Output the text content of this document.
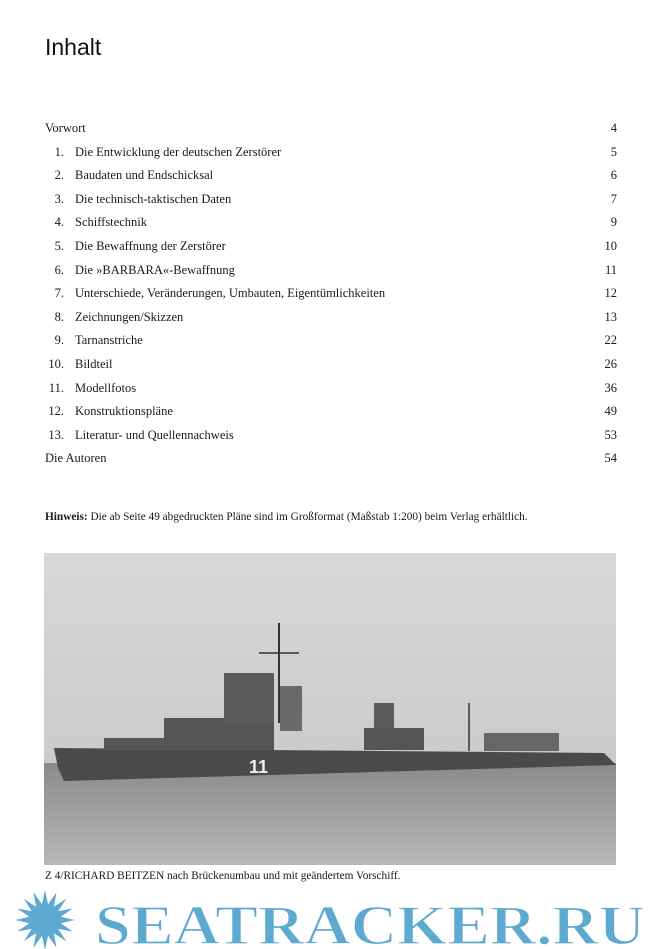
Inhalt
Vorwort	4
1. Die Entwicklung der deutschen Zerstörer	5
2. Baudaten und Endschicksal	6
3. Die technisch-taktischen Daten	7
4. Schiffstechnik	9
5. Die Bewaffnung der Zerstörer	10
6. Die »BARBARA«-Bewaffnung	11
7. Unterschiede, Veränderungen, Umbauten, Eigentümlichkeiten	12
8. Zeichnungen/Skizzen	13
9. Tarnanstriche	22
10. Bildteil	26
11. Modellfotos	36
12. Konstruktionspläne	49
13. Literatur- und Quellennachweis	53
Die Autoren	54
Hinweis: Die ab Seite 49 abgedruckten Pläne sind im Großformat (Maßstab 1:200) beim Verlag erhältlich.
11
Z 4/RICHARD BEITZEN nach Brückenumbau und mit geändertem Vorschiff.
SEATRACKER.RU
